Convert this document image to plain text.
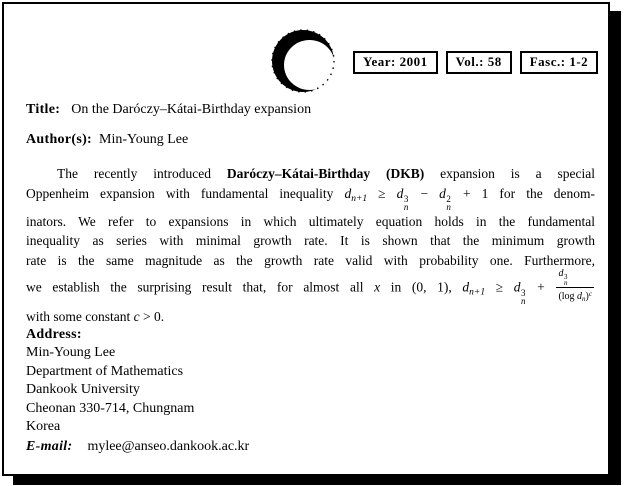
Year: 2001	Vol.: 58	Fasc.: 1-2
Title: On the Daróczy–Kátai-Birthday expansion
Author(s): Min-Young Lee
The recently introduced Daróczy–Kátai-Birthday (DKB) expansion is a special
Oppenheim expansion with fundamental inequality $d_{n+1} \ge d$ 3
n
− d 2
n
+ 1 for the denom-
inators. We refer to expansions in which ultimately equation holds in the fundamental
inequality as series with minimal growth rate. It is shown that the minimum growth
rate is the same magnitude as the growth rate valid with probability one. Furthermore,
we establish the surprising result that, for almost all x in (0, 1), $d_{n+1} \ge d$ 3
n
+ d 3
n
(log $d_n)^c$
with some constant c > 0.
Address:
Min-Young Lee
Department of Mathematics
Dankook University
Cheonan 330-714, Chungnam
Korea
E-mail: mylee@anseo.dankook.ac.kr
